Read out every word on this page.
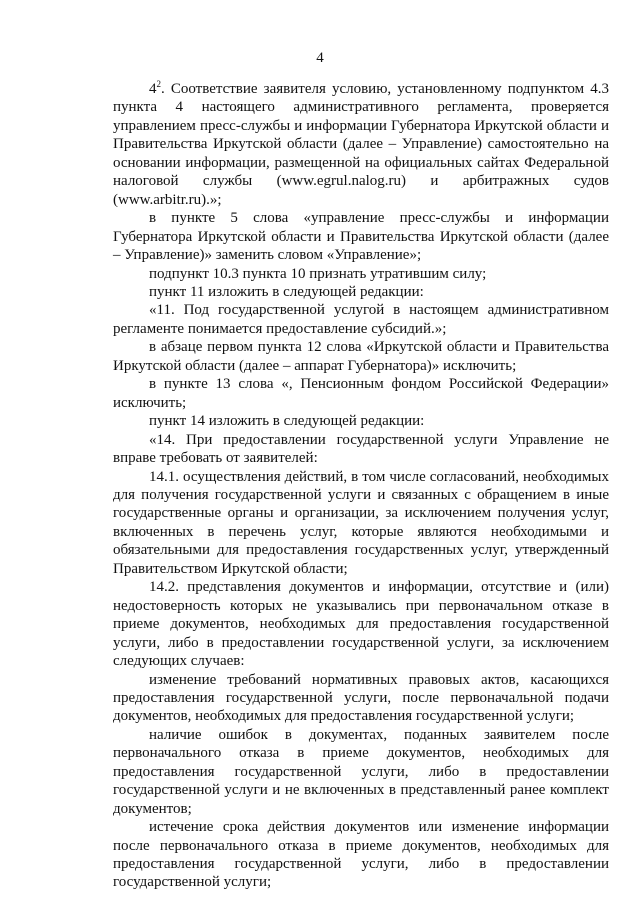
4

$4^2$. Соответствие заявителя условию, установленному подпунктом 4.3 пункта 4 настоящего административного регламента, проверяется управлением пресс-службы и информации Губернатора Иркутской области и Правительства Иркутской области (далее – Управление) самостоятельно на основании информации, размещенной на официальных сайтах Федеральной налоговой службы (www.egrul.nalog.ru) и арбитражных судов (www.arbitr.ru).»;

в пункте 5 слова «управление пресс-службы и информации Губернатора Иркутской области и Правительства Иркутской области (далее – Управление)» заменить словом «Управление»;

подпункт 10.3 пункта 10 признать утратившим силу;

пункт 11 изложить в следующей редакции:

«11. Под государственной услугой в настоящем административном регламенте понимается предоставление субсидий.»;

в абзаце первом пункта 12 слова «Иркутской области и Правительства Иркутской области (далее – аппарат Губернатора)» исключить;

в пункте 13 слова «, Пенсионным фондом Российской Федерации» исключить;

пункт 14 изложить в следующей редакции:

«14. При предоставлении государственной услуги Управление не вправе требовать от заявителей:

14.1. осуществления действий, в том числе согласований, необходимых для получения государственной услуги и связанных с обращением в иные государственные органы и организации, за исключением получения услуг, включенных в перечень услуг, которые являются необходимыми и обязательными для предоставления государственных услуг, утвержденный Правительством Иркутской области;

14.2. представления документов и информации, отсутствие и (или) недостоверность которых не указывались при первоначальном отказе в приеме документов, необходимых для предоставления государственной услуги, либо в предоставлении государственной услуги, за исключением следующих случаев:

изменение требований нормативных правовых актов, касающихся предоставления государственной услуги, после первоначальной подачи документов, необходимых для предоставления государственной услуги;

наличие ошибок в документах, поданных заявителем после первоначального отказа в приеме документов, необходимых для предоставления государственной услуги, либо в предоставлении государственной услуги и не включенных в представленный ранее комплект документов;

истечение срока действия документов или изменение информации после первоначального отказа в приеме документов, необходимых для предоставления государственной услуги, либо в предоставлении государственной услуги;
